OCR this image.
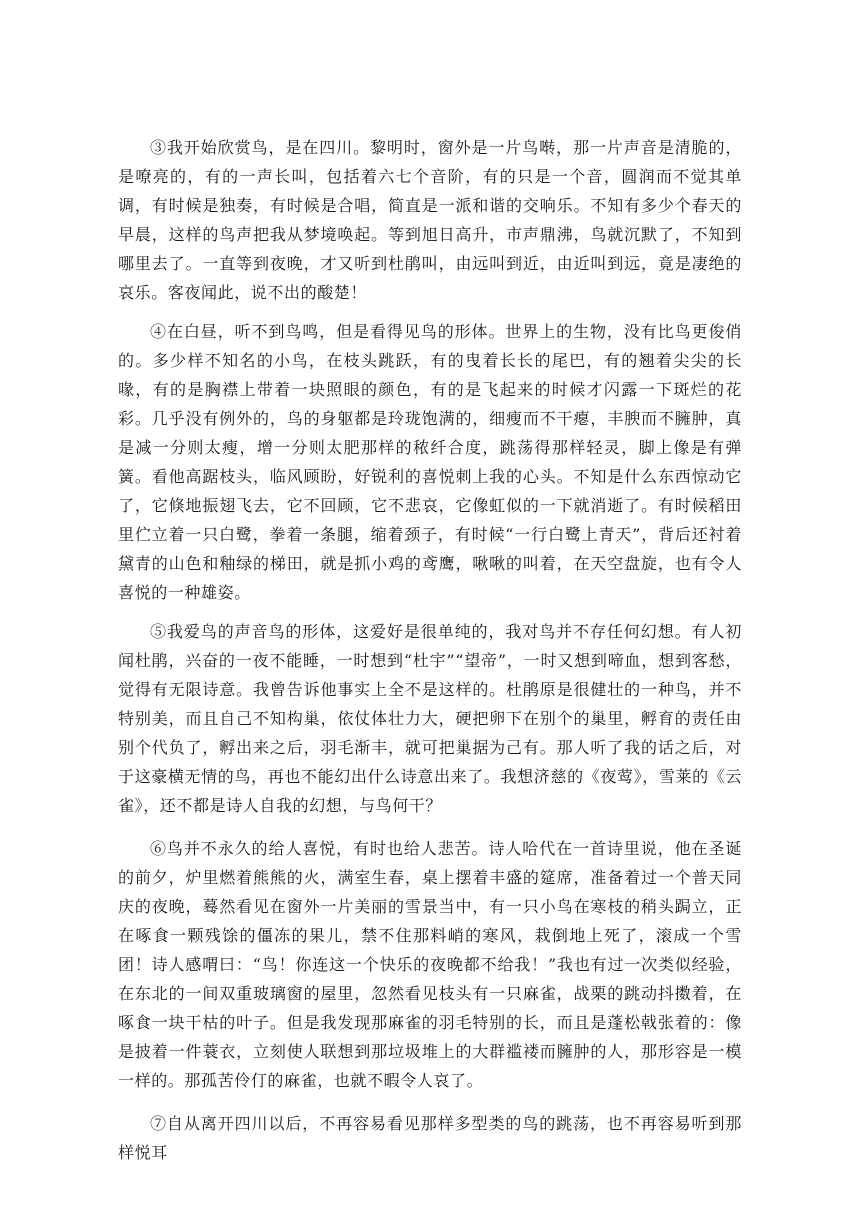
③我开始欣赏鸟，是在四川。黎明时，窗外是一片鸟啭，那一片声音是清脆的，是嘹亮的，有的一声长叫，包括着六七个音阶，有的只是一个音，圆润而不觉其单调，有时候是独奏，有时候是合唱，简直是一派和谐的交响乐。不知有多少个春天的早晨，这样的鸟声把我从梦境唤起。等到旭日高升，市声鼎沸，鸟就沉默了，不知到哪里去了。一直等到夜晚，才又听到杜鹃叫，由远叫到近，由近叫到远，竟是凄绝的哀乐。客夜闻此，说不出的酸楚！

④在白昼，听不到鸟鸣，但是看得见鸟的形体。世界上的生物，没有比鸟更俊俏的。多少样不知名的小鸟，在枝头跳跃，有的曳着长长的尾巴，有的翘着尖尖的长喙，有的是胸襟上带着一块照眼的颜色，有的是飞起来的时候才闪露一下斑烂的花彩。几乎没有例外的，鸟的身躯都是玲珑饱满的，细瘦而不干瘪，丰腴而不臃肿，真是减一分则太瘦，增一分则太肥那样的秾纤合度，跳荡得那样轻灵，脚上像是有弹簧。看他高踞枝头，临风顾盼，好锐利的喜悦刺上我的心头。不知是什么东西惊动它了，它倏地振翅飞去，它不回顾，它不悲哀，它像虹似的一下就消逝了。有时候稻田里伫立着一只白鹭，拳着一条腿，缩着颈子，有时候“一行白鹭上青天”，背后还衬着黛青的山色和釉绿的梯田，就是抓小鸡的鸢鹰，啾啾的叫着，在天空盘旋，也有令人喜悦的一种雄姿。

⑤我爱鸟的声音鸟的形体，这爱好是很单纯的，我对鸟并不存任何幻想。有人初闻杜鹃，兴奋的一夜不能睡，一时想到“杜宇”“望帝”，一时又想到啼血，想到客愁，觉得有无限诗意。我曾告诉他事实上全不是这样的。杜鹃原是很健壮的一种鸟，并不特别美，而且自己不知构巢，依仗体壮力大，硬把卵下在别个的巢里，孵育的责任由别个代负了，孵出来之后，羽毛渐丰，就可把巢据为己有。那人听了我的话之后，对于这豪横无情的鸟，再也不能幻出什么诗意出来了。我想济慈的《夜莺》，雪莱的《云雀》，还不都是诗人自我的幻想，与鸟何干？

⑥鸟并不永久的给人喜悦，有时也给人悲苦。诗人哈代在一首诗里说，他在圣诞的前夕，炉里燃着熊熊的火，满室生春，桌上摆着丰盛的筵席，准备着过一个普天同庆的夜晚，蓦然看见在窗外一片美丽的雪景当中，有一只小鸟在寒枝的稍头跼立，正在啄食一颗残馀的僵冻的果儿，禁不住那料峭的寒风，栽倒地上死了，滚成一个雪团！诗人感喟曰：“鸟！你连这一个快乐的夜晚都不给我！”我也有过一次类似经验，在东北的一间双重玻璃窗的屋里，忽然看见枝头有一只麻雀，战栗的跳动抖擞着，在啄食一块干枯的叶子。但是我发现那麻雀的羽毛特别的长，而且是蓬松戟张着的：像是披着一件蓑衣，立刻使人联想到那垃圾堆上的大群褴褛而臃肿的人，那形容是一模一样的。那孤苦伶仃的麻雀，也就不暇令人哀了。

⑦自从离开四川以后，不再容易看见那样多型类的鸟的跳荡，也不再容易听到那样悦耳
